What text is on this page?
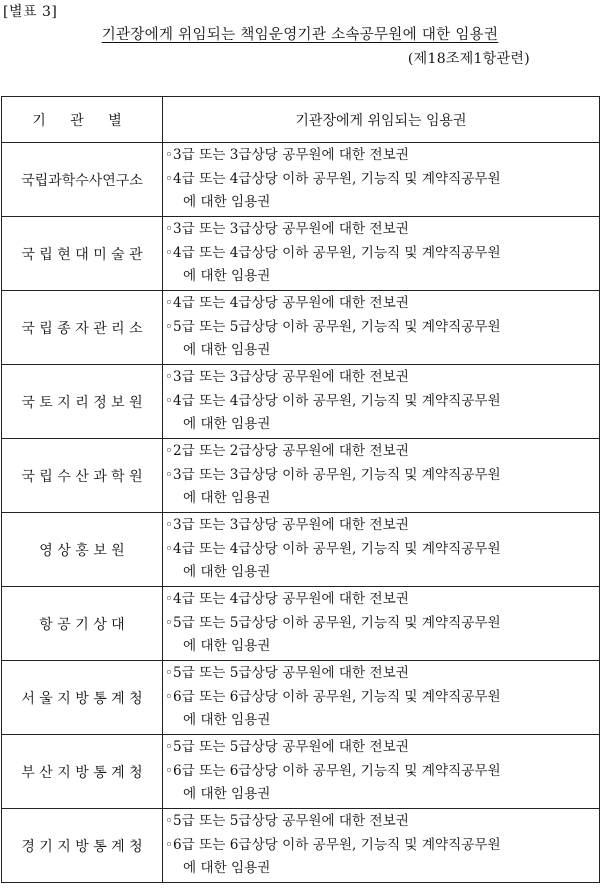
[별표 3]
기관장에게 위임되는 책임운영기관 소속공무원에 대한 임용권
(제18조제1항관련)
기 관 별	기관장에게 위임되는 임용권
국립과학수사연구소	◦3급 또는 3급상당 공무원에 대한 전보권
◦4급 또는 4급상당 이하 공무원, 기능직 및 계약직공무원
에 대한 임용권

국 립 현 대 미 술 관	◦3급 또는 3급상당 공무원에 대한 전보권
◦4급 또는 4급상당 이하 공무원, 기능직 및 계약직공무원
에 대한 임용권

국 립 종 자 관 리 소	◦4급 또는 4급상당 공무원에 대한 전보권
◦5급 또는 5급상당 이하 공무원, 기능직 및 계약직공무원
에 대한 임용권

국 토 지 리 정 보 원	◦3급 또는 3급상당 공무원에 대한 전보권
◦4급 또는 4급상당 이하 공무원, 기능직 및 계약직공무원
에 대한 임용권

국 립 수 산 과 학 원	◦2급 또는 2급상당 공무원에 대한 전보권
◦3급 또는 3급상당 이하 공무원, 기능직 및 계약직공무원
에 대한 임용권

영 상 홍 보 원	◦3급 또는 3급상당 공무원에 대한 전보권
◦4급 또는 4급상당 이하 공무원, 기능직 및 계약직공무원
에 대한 임용권

항 공 기 상 대	◦4급 또는 4급상당 공무원에 대한 전보권
◦5급 또는 5급상당 이하 공무원, 기능직 및 계약직공무원
에 대한 임용권

서 울 지 방 통 계 청	◦5급 또는 5급상당 공무원에 대한 전보권
◦6급 또는 6급상당 이하 공무원, 기능직 및 계약직공무원
에 대한 임용권

부 산 지 방 통 계 청	◦5급 또는 5급상당 공무원에 대한 전보권
◦6급 또는 6급상당 이하 공무원, 기능직 및 계약직공무원
에 대한 임용권

경 기 지 방 통 계 청	◦5급 또는 5급상당 공무원에 대한 전보권
◦6급 또는 6급상당 이하 공무원, 기능직 및 계약직공무원
에 대한 임용권
